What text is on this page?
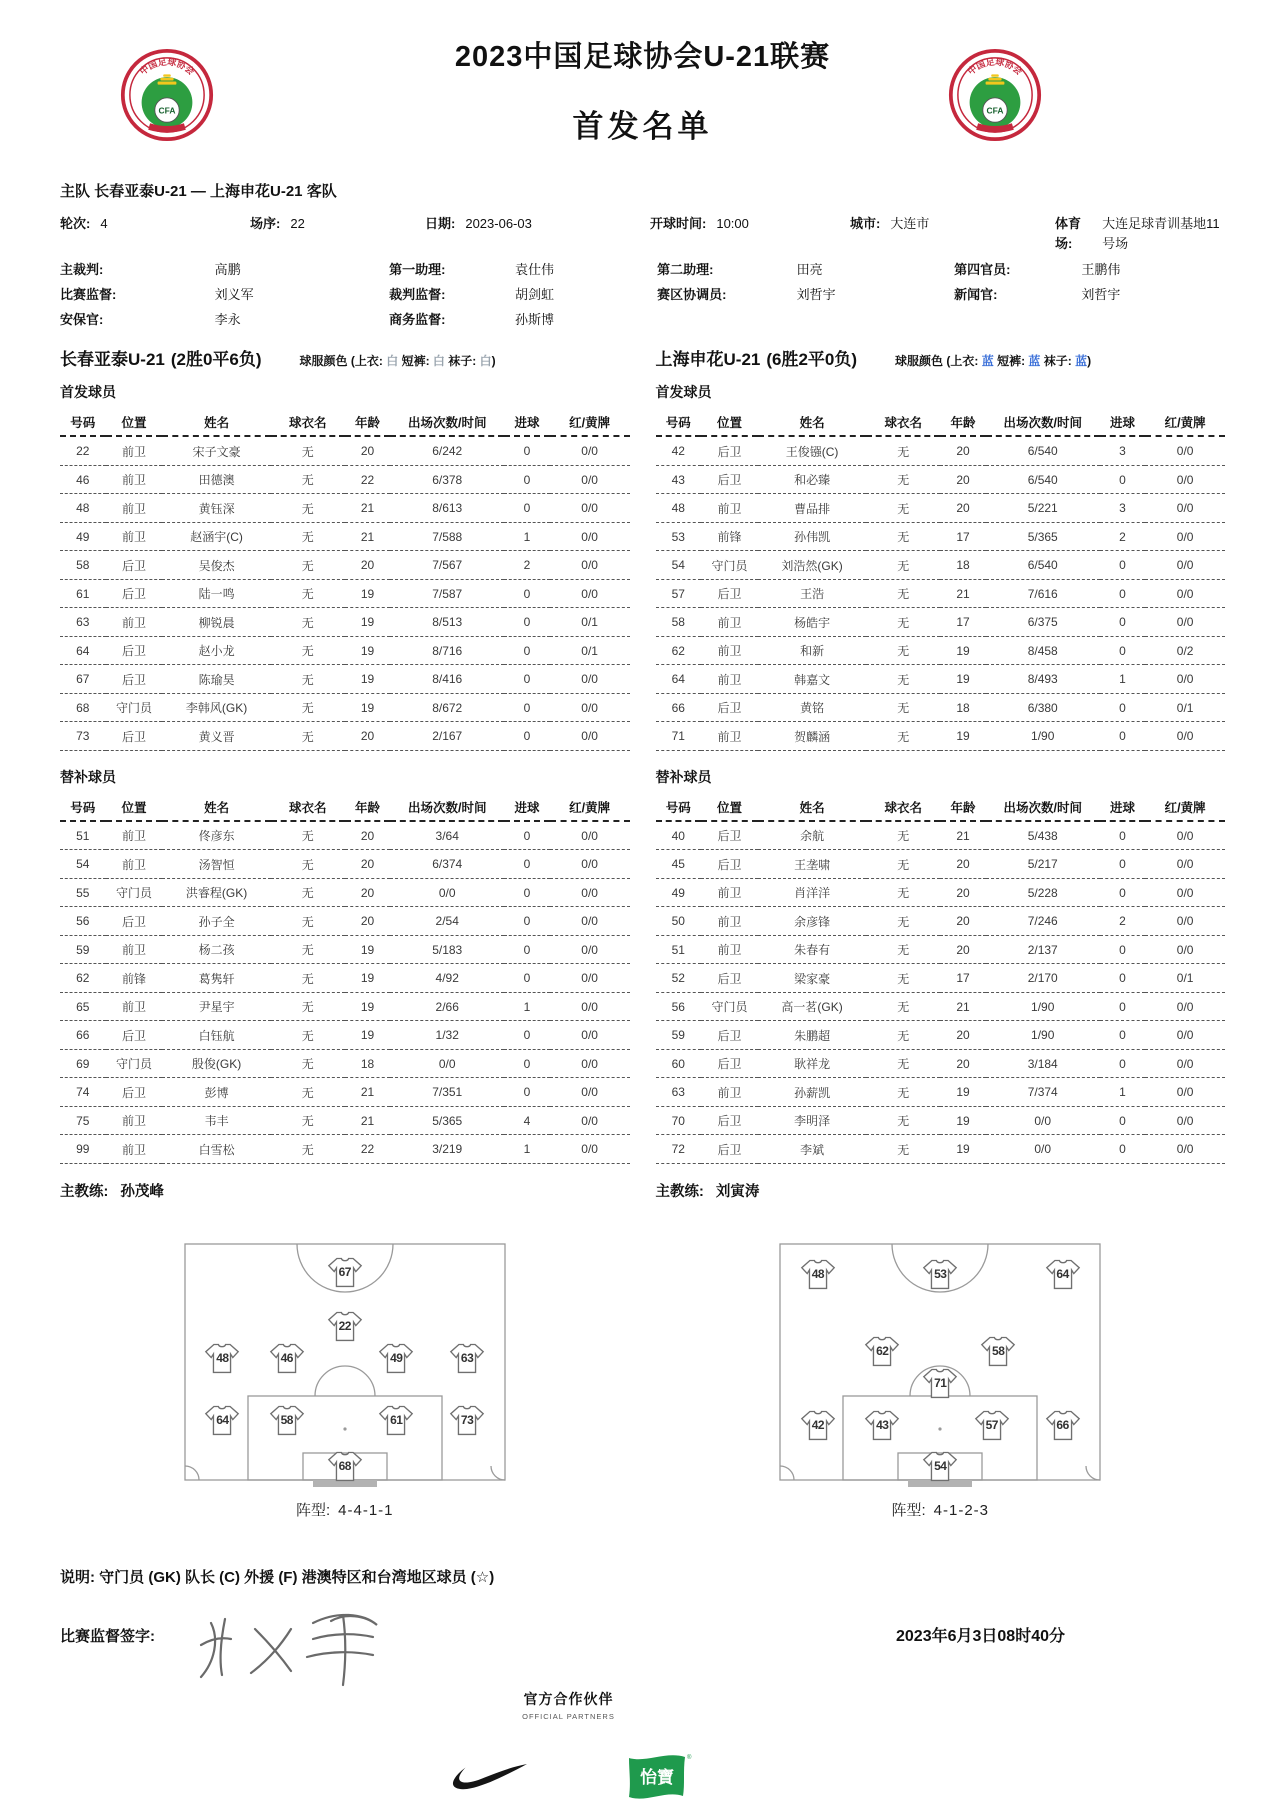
中国足球协会
CFA
中国足球协会
CFA
2023中国足球协会U-21联赛
首发名单
主队 长春亚泰U-21 — 上海申花U-21 客队
轮次: 4	场序: 22	日期: 2023-06-03	开球时间: 10:00	城市: 大连市	体育场:
大连足球青训基地11号场
主裁判:	高鹏	第一助理:	袁仕伟	第二助理:	田亮	第四官员:	王鹏伟
比赛监督:	刘义军	裁判监督:	胡剑虹	赛区协调员:	刘哲宇	新闻官:	刘哲宇
安保官:	李永	商务监督:	孙斯博
长春亚泰U-21 (2胜0平6负)	球服颜色 (上衣: 白 短裤: 白 袜子: 白)
首发球员
号码	位置	姓名	球衣名	年龄	出场次数/时间	进球	红/黄牌
22	前卫	宋子文豪	无	20	6/242	0	0/0
46	前卫	田德澳	无	22	6/378	0	0/0
48	前卫	黄钰深	无	21	8/613	0	0/0
49	前卫	赵涵宇(C)	无	21	7/588	1	0/0
58	后卫	吴俊杰	无	20	7/567	2	0/0
61	后卫	陆一鸣	无	19	7/587	0	0/0
63	前卫	柳锐晨	无	19	8/513	0	0/1
64	后卫	赵小龙	无	19	8/716	0	0/1
67	后卫	陈瑜昊	无	19	8/416	0	0/0
68	守门员	李韩风(GK)	无	19	8/672	0	0/0
73	后卫	黄义晋	无	20	2/167	0	0/0
替补球员
号码	位置	姓名	球衣名	年龄	出场次数/时间	进球	红/黄牌
51	前卫	佟彦东	无	20	3/64	0	0/0
54	前卫	汤智恒	无	20	6/374	0	0/0
55	守门员	洪睿程(GK)	无	20	0/0	0	0/0
56	后卫	孙子全	无	20	2/54	0	0/0
59	前卫	杨二孩	无	19	5/183	0	0/0
62	前锋	葛隽轩	无	19	4/92	0	0/0
65	前卫	尹星宇	无	19	2/66	1	0/0
66	后卫	白钰航	无	19	1/32	0	0/0
69	守门员	殷俊(GK)	无	18	0/0	0	0/0
74	后卫	彭博	无	21	7/351	0	0/0
75	前卫	韦丰	无	21	5/365	4	0/0
99	前卫	白雪松	无	22	3/219	1	0/0
主教练: 孙茂峰
上海申花U-21 (6胜2平0负)	球服颜色 (上衣: 蓝 短裤: 蓝 袜子: 蓝)
首发球员
号码	位置	姓名	球衣名	年龄	出场次数/时间	进球	红/黄牌
42	后卫	王俊镪(C)	无	20	6/540	3	0/0
43	后卫	和必臻	无	20	6/540	0	0/0
48	前卫	曹品排	无	20	5/221	3	0/0
53	前锋	孙伟凯	无	17	5/365	2	0/0
54	守门员	刘浩然(GK)	无	18	6/540	0	0/0
57	后卫	王浩	无	21	7/616	0	0/0
58	前卫	杨皓宇	无	17	6/375	0	0/0
62	前卫	和新	无	19	8/458	0	0/2
64	前卫	韩嘉文	无	19	8/493	1	0/0
66	后卫	黄铭	无	18	6/380	0	0/1
71	前卫	贺麟涵	无	19	1/90	0	0/0
替补球员
号码	位置	姓名	球衣名	年龄	出场次数/时间	进球	红/黄牌
40	后卫	余航	无	21	5/438	0	0/0
45	后卫	王垄啸	无	20	5/217	0	0/0
49	前卫	肖洋洋	无	20	5/228	0	0/0
50	前卫	余彦锋	无	20	7/246	2	0/0
51	前卫	朱春有	无	20	2/137	0	0/0
52	后卫	梁家豪	无	17	2/170	0	0/1
56	守门员	高一茗(GK)	无	21	1/90	0	0/0
59	后卫	朱鹏超	无	20	1/90	0	0/0
60	后卫	耿祥龙	无	20	3/184	0	0/0
63	前卫	孙薪凯	无	19	7/374	1	0/0
70	后卫	李明泽	无	19	0/0	0	0/0
72	后卫	李斌	无	19	0/0	0	0/0
主教练: 刘寅涛
67
22
48	46	49	63
64	58	61	73
68
阵型: 4-4-1-1
48	53	64
62	58
71
42	43	57	66
54
阵型: 4-1-2-3
说明: 守门员 (GK) 队长 (C) 外援 (F) 港澳特区和台湾地区球员 (☆)
比赛监督签字:	2023年6月3日08时40分
官方合作伙伴
OFFICIAL PARTNERS
怡寶
®
